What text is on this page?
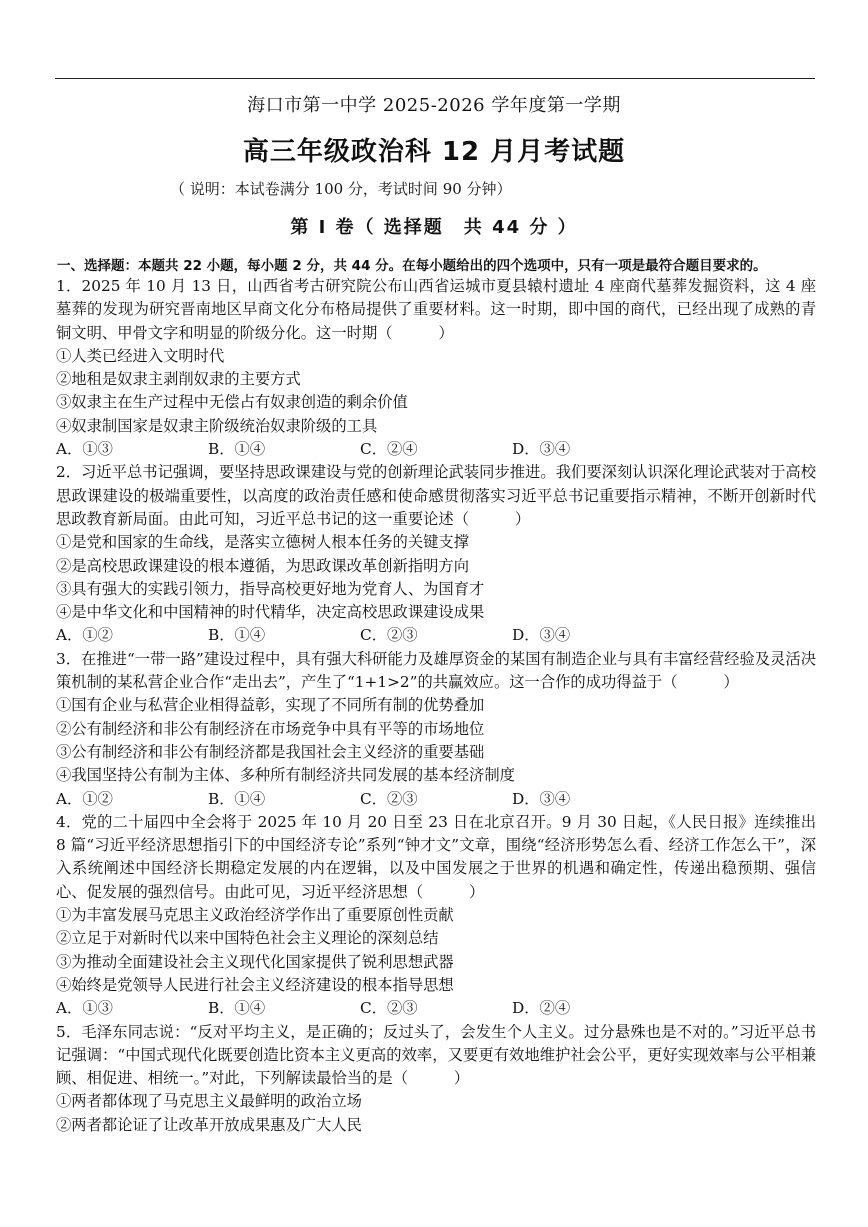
海口市第一中学 2025-2026 学年度第一学期
高三年级政治科 12 月月考试题
（ 说明：本试卷满分 100 分，考试时间 90 分钟）
第 Ⅰ 卷（ 选择题　共 44 分 ）
一、选择题：本题共 22 小题，每小题 2 分，共 44 分。在每小题给出的四个选项中，只有一项是最符合题目要求的。

1．2025 年 10 月 13 日，山西省考古研究院公布山西省运城市夏县辕村遗址 4 座商代墓葬发掘资料，这 4 座墓葬的发现为研究晋南地区早商文化分布格局提供了重要材料。这一时期，即中国的商代，已经出现了成熟的青铜文明、甲骨文字和明显的阶级分化。这一时期（　　　）

①人类已经进入文明时代

②地租是奴隶主剥削奴隶的主要方式

③奴隶主在生产过程中无偿占有奴隶创造的剩余价值

④奴隶制国家是奴隶主阶级统治奴隶阶级的工具

A．①③	B．①④	C．②④	D．③④

2．习近平总书记强调，要坚持思政课建设与党的创新理论武装同步推进。我们要深刻认识深化理论武装对于高校思政课建设的极端重要性，以高度的政治责任感和使命感贯彻落实习近平总书记重要指示精神，不断开创新时代思政教育新局面。由此可知，习近平总书记的这一重要论述（　　　）

①是党和国家的生命线，是落实立德树人根本任务的关键支撑

②是高校思政课建设的根本遵循，为思政课改革创新指明方向

③具有强大的实践引领力，指导高校更好地为党育人、为国育才

④是中华文化和中国精神的时代精华，决定高校思政课建设成果

A．①②	B．①④	C．②③	D．③④

3．在推进“一带一路”建设过程中，具有强大科研能力及雄厚资金的某国有制造企业与具有丰富经营经验及灵活决策机制的某私营企业合作“走出去”，产生了“1+1>2”的共赢效应。这一合作的成功得益于（　　　）

①国有企业与私营企业相得益彰，实现了不同所有制的优势叠加

②公有制经济和非公有制经济在市场竞争中具有平等的市场地位

③公有制经济和非公有制经济都是我国社会主义经济的重要基础

④我国坚持公有制为主体、多种所有制经济共同发展的基本经济制度

A．①②	B．①④	C．②③	D．③④

4．党的二十届四中全会将于 2025 年 10 月 20 日至 23 日在北京召开。9 月 30 日起，《人民日报》连续推出 8 篇“习近平经济思想指引下的中国经济专论”系列“钟才文”文章，围绕“经济形势怎么看、经济工作怎么干”，深入系统阐述中国经济长期稳定发展的内在逻辑，以及中国发展之于世界的机遇和确定性，传递出稳预期、强信心、促发展的强烈信号。由此可见，习近平经济思想（　　　）

①为丰富发展马克思主义政治经济学作出了重要原创性贡献

②立足于对新时代以来中国特色社会主义理论的深刻总结

③为推动全面建设社会主义现代化国家提供了锐利思想武器

④始终是党领导人民进行社会主义经济建设的根本指导思想

A．①③	B．①④	C．②③	D．②④

5．毛泽东同志说：“反对平均主义，是正确的；反过头了，会发生个人主义。过分悬殊也是不对的。”习近平总书记强调：“中国式现代化既要创造比资本主义更高的效率，又要更有效地维护社会公平，更好实现效率与公平相兼顾、相促进、相统一。”对此，下列解读最恰当的是（　　　）

①两者都体现了马克思主义最鲜明的政治立场

②两者都论证了让改革开放成果惠及广大人民
